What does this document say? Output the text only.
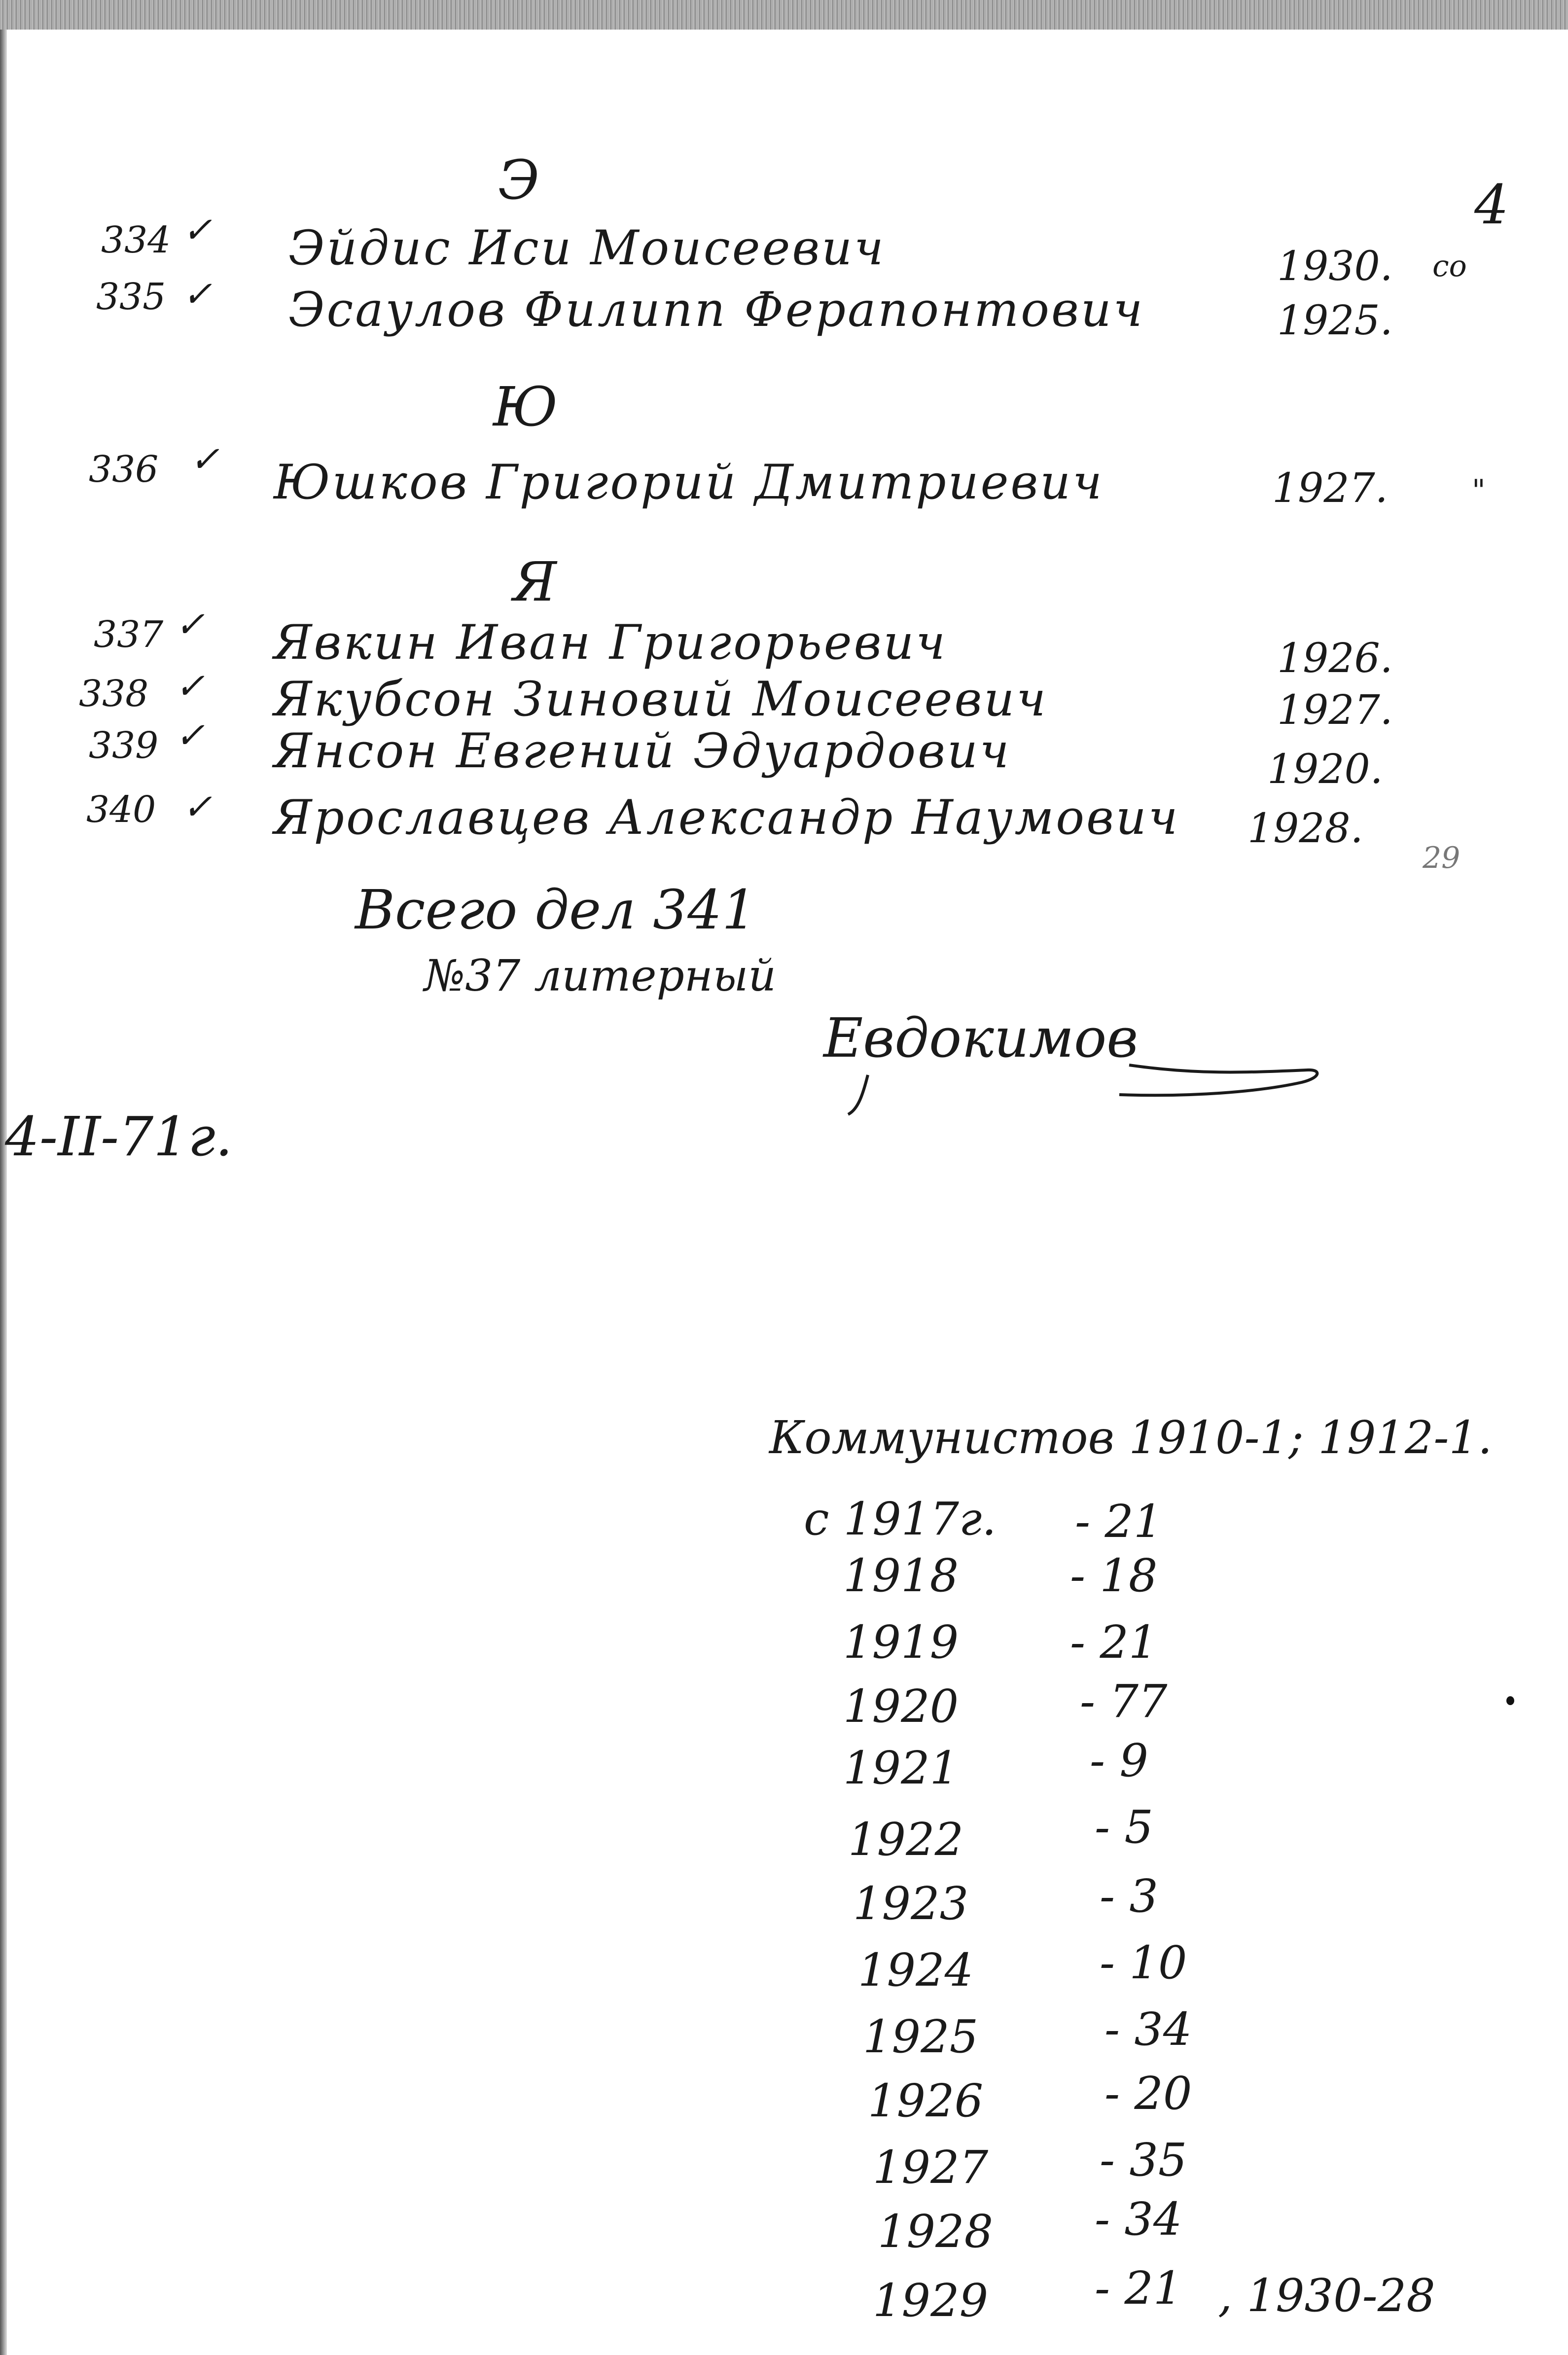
4
со
Э
334 ✓ Эйдис Иси Моисеевич	1930.
335 ✓ Эсаулов Филипп Ферапонтович	1925.
Ю
336 ✓ Юшков Григорий Дмитриевич	1927.	"
Я
337 ✓ Явкин Иван Григорьевич	1926.
338 ✓ Якубсон Зиновий Моисеевич	1927.
339 ✓ Янсон Евгений Эдуардович	1920.
340 ✓ Ярославцев Александр Наумович 1928.
29
Всего дел 341
№37 литерный
Евдокимов
4-II-71г.
Коммунистов 1910-1; 1912-1.
с 1917г. - 21
1918 - 18
1919 - 21
1920	- 77
1921	- 9
1922	- 5
1923	- 3
1924	- 10
1925	- 34
1926	- 20
1927 - 35
1928 - 34
1929 - 21 , 1930-28
